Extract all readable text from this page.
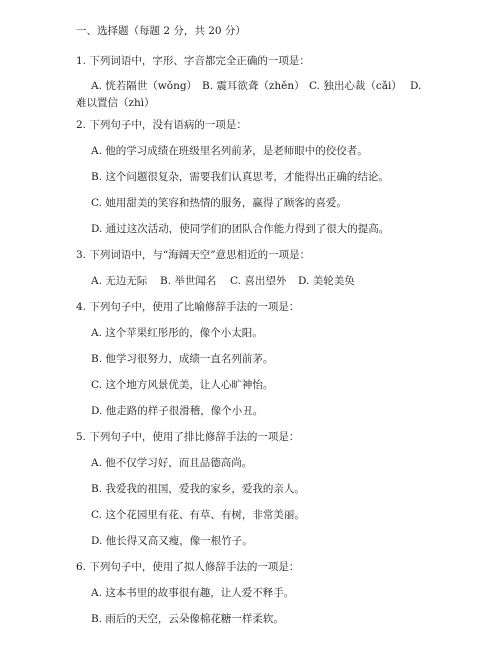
一、选择题（每题 2 分，共 20 分）
1. 下列词语中，字形、字音都完全正确的一项是：
A. 恍若隔世（wǒng） B. 震耳欲聋（zhěn） C. 独出心裁（cǎi） D.
难以置信（zhì）
2. 下列句子中，没有语病的一项是：
A. 他的学习成绩在班级里名列前茅，是老师眼中的佼佼者。
B. 这个问题很复杂，需要我们认真思考，才能得出正确的结论。
C. 她用甜美的笑容和热情的服务，赢得了顾客的喜爱。
D. 通过这次活动，使同学们的团队合作能力得到了很大的提高。
3. 下列词语中，与“海阔天空”意思相近的一项是：
A. 无边无际 B. 举世闻名 C. 喜出望外 D. 美轮美奂
4. 下列句子中，使用了比喻修辞手法的一项是：
A. 这个苹果红彤彤的，像个小太阳。
B. 他学习很努力，成绩一直名列前茅。
C. 这个地方风景优美，让人心旷神怡。
D. 他走路的样子很滑稽，像个小丑。
5. 下列句子中，使用了排比修辞手法的一项是：
A. 他不仅学习好，而且品德高尚。
B. 我爱我的祖国，爱我的家乡，爱我的亲人。
C. 这个花园里有花、有草、有树，非常美丽。
D. 他长得又高又瘦，像一根竹子。
6. 下列句子中，使用了拟人修辞手法的一项是：
A. 这本书里的故事很有趣，让人爱不释手。
B. 雨后的天空，云朵像棉花糖一样柔软。
